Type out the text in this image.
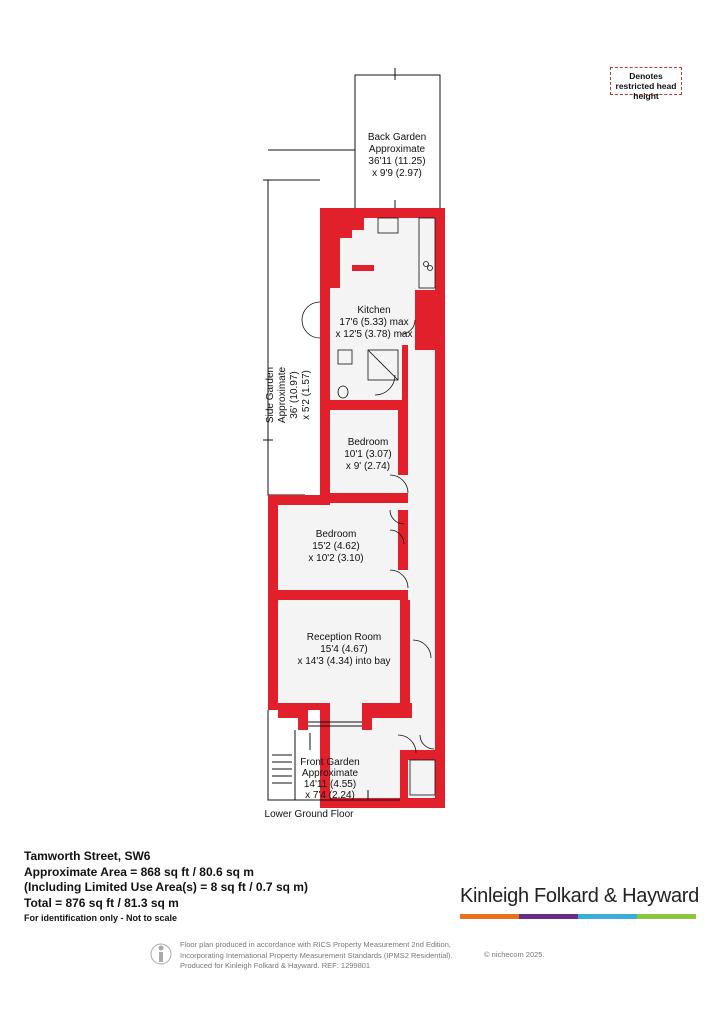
Back Garden
Approximate
36'11 (11.25)
x 9'9 (2.97)
Kitchen
17'6 (5.33) max
x 12'5 (3.78) max
Side Garden Approximate 36' (10.97) x 5'2 (1.57)
Bedroom
10'1 (3.07)
x 9' (2.74)
Bedroom
15'2 (4.62)
x 10'2 (3.10)
Reception Room
15'4 (4.67)
x 14'3 (4.34) into bay
Front Garden
Approximate
14'11 (4.55)
x 7'4 (2.24)
Lower Ground Floor
Denotes restricted head height
Tamworth Street, SW6
Approximate Area = 868 sq ft / 80.6 sq m
(Including Limited Use Area(s) = 8 sq ft / 0.7 sq m)
Total = 876 sq ft / 81.3 sq m
For identification only - Not to scale
Kinleigh Folkard & Hayward
Floor plan produced in accordance with RICS Property Measurement 2nd Edition,
Incorporating International Property Measurement Standards (IPMS2 Residential).
Produced for Kinleigh Folkard & Hayward. REF: 1299801
© nichecom 2025.
